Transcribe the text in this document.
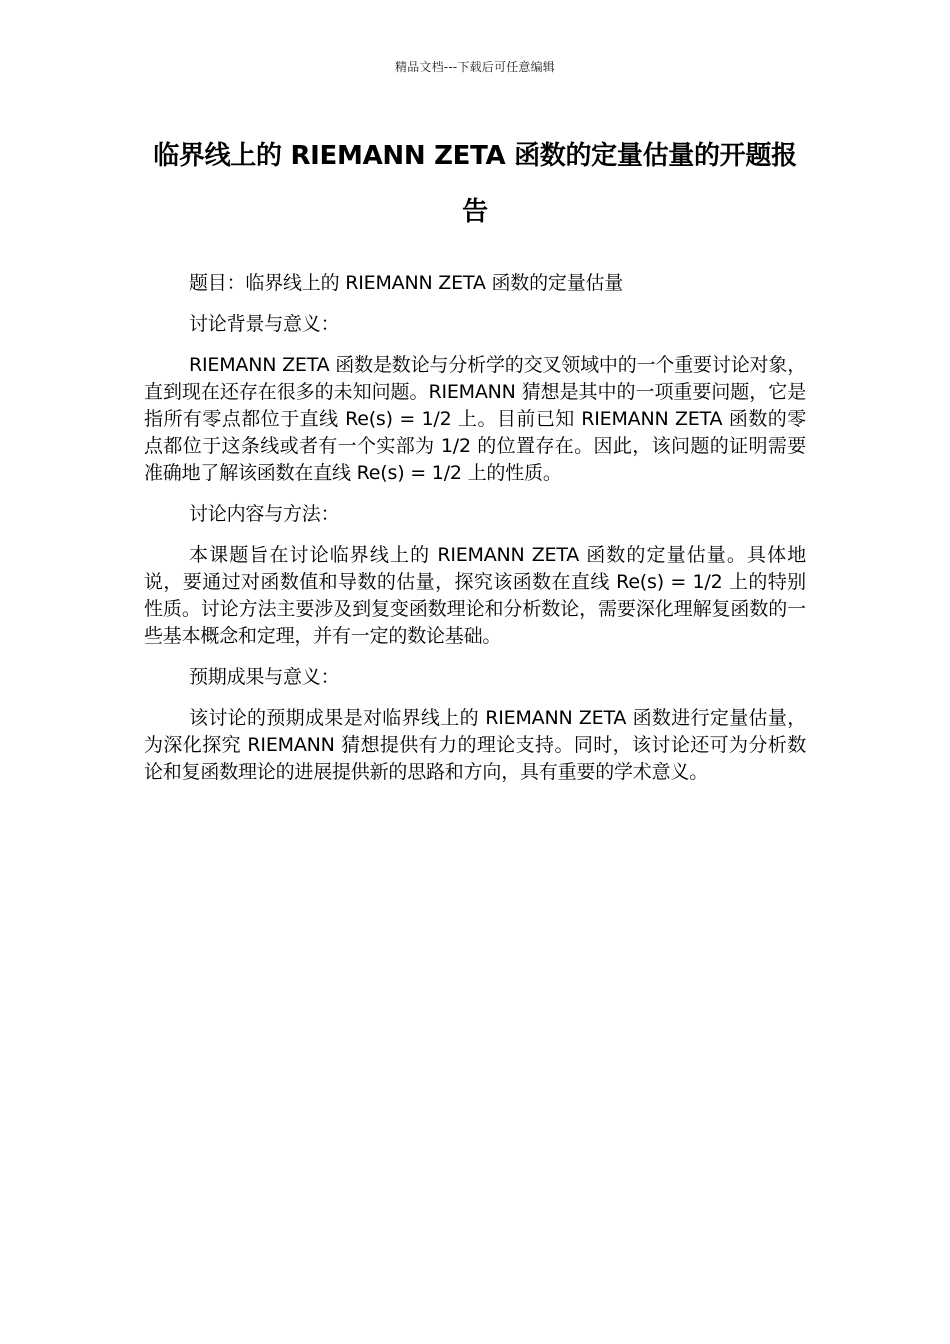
精品文档---下载后可任意编辑
临界线上的 RIEMANN ZETA 函数的定量估量的开题报告

题目：临界线上的 RIEMANN ZETA 函数的定量估量

讨论背景与意义：

RIEMANN ZETA 函数是数论与分析学的交叉领域中的一个重要讨论对象，直到现在还存在很多的未知问题。RIEMANN 猜想是其中的一项重要问题，它是指所有零点都位于直线 Re(s) = 1/2 上。目前已知 RIEMANN ZETA 函数的零点都位于这条线或者有一个实部为 1/2 的位置存在。因此，该问题的证明需要准确地了解该函数在直线 Re(s) = 1/2 上的性质。

讨论内容与方法：

本课题旨在讨论临界线上的 RIEMANN ZETA 函数的定量估量。具体地说，要通过对函数值和导数的估量，探究该函数在直线 Re(s) = 1/2 上的特别性质。讨论方法主要涉及到复变函数理论和分析数论，需要深化理解复函数的一些基本概念和定理，并有一定的数论基础。

预期成果与意义：

该讨论的预期成果是对临界线上的 RIEMANN ZETA 函数进行定量估量，为深化探究 RIEMANN 猜想提供有力的理论支持。同时，该讨论还可为分析数论和复函数理论的进展提供新的思路和方向，具有重要的学术意义。
